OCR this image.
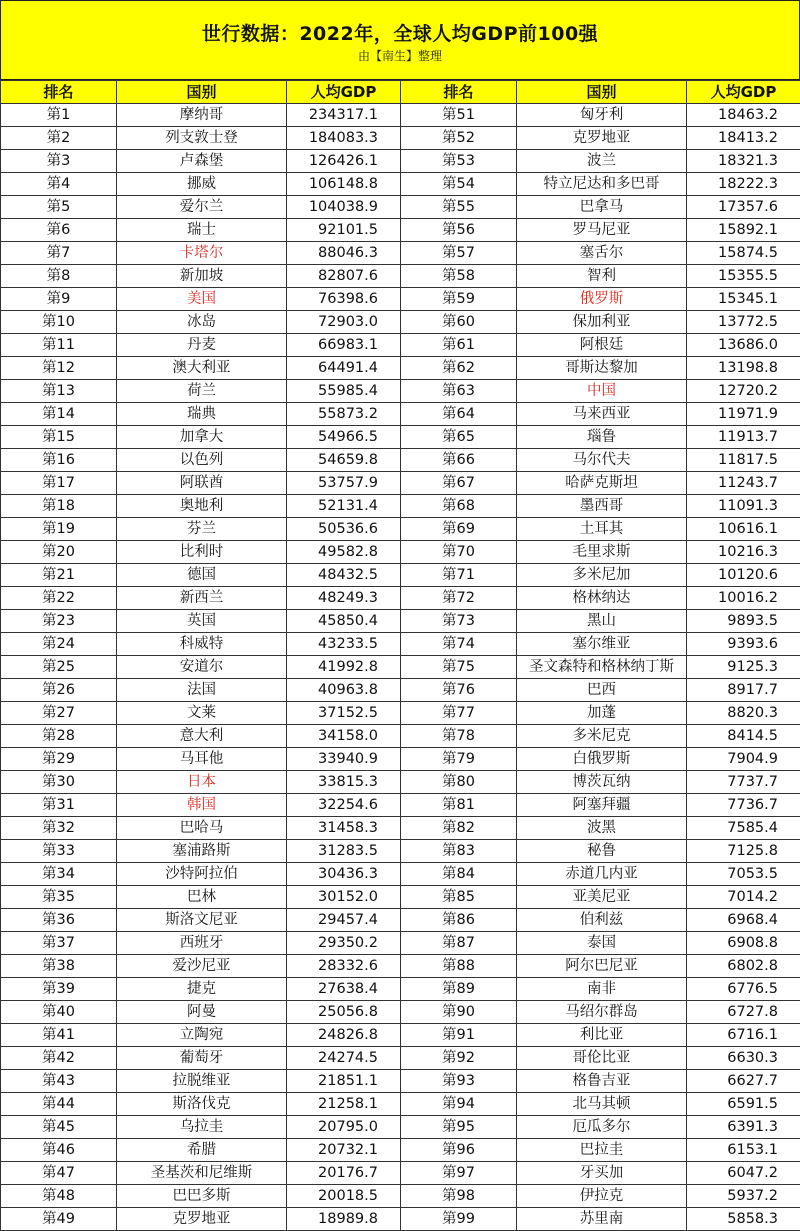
世行数据：2022年，全球人均GDP前100强
由【南生】整理
排名	国别	人均GDP	排名	国别	人均GDP
第1	摩纳哥	234317.1	第51	匈牙利	18463.2
第2	列支敦士登	184083.3	第52	克罗地亚	18413.2
第3	卢森堡	126426.1	第53	波兰	18321.3
第4	挪威	106148.8	第54	特立尼达和多巴哥	18222.3
第5	爱尔兰	104038.9	第55	巴拿马	17357.6
第6	瑞士	92101.5	第56	罗马尼亚	15892.1
第7	卡塔尔	88046.3	第57	塞舌尔	15874.5
第8	新加坡	82807.6	第58	智利	15355.5
第9	美国	76398.6	第59	俄罗斯	15345.1
第10	冰岛	72903.0	第60	保加利亚	13772.5
第11	丹麦	66983.1	第61	阿根廷	13686.0
第12	澳大利亚	64491.4	第62	哥斯达黎加	13198.8
第13	荷兰	55985.4	第63	中国	12720.2
第14	瑞典	55873.2	第64	马来西亚	11971.9
第15	加拿大	54966.5	第65	瑙鲁	11913.7
第16	以色列	54659.8	第66	马尔代夫	11817.5
第17	阿联酋	53757.9	第67	哈萨克斯坦	11243.7
第18	奥地利	52131.4	第68	墨西哥	11091.3
第19	芬兰	50536.6	第69	土耳其	10616.1
第20	比利时	49582.8	第70	毛里求斯	10216.3
第21	德国	48432.5	第71	多米尼加	10120.6
第22	新西兰	48249.3	第72	格林纳达	10016.2
第23	英国	45850.4	第73	黑山	9893.5
第24	科威特	43233.5	第74	塞尔维亚	9393.6
第25	安道尔	41992.8	第75	圣文森特和格林纳丁斯	9125.3
第26	法国	40963.8	第76	巴西	8917.7
第27	文莱	37152.5	第77	加蓬	8820.3
第28	意大利	34158.0	第78	多米尼克	8414.5
第29	马耳他	33940.9	第79	白俄罗斯	7904.9
第30	日本	33815.3	第80	博茨瓦纳	7737.7
第31	韩国	32254.6	第81	阿塞拜疆	7736.7
第32	巴哈马	31458.3	第82	波黑	7585.4
第33	塞浦路斯	31283.5	第83	秘鲁	7125.8
第34	沙特阿拉伯	30436.3	第84	赤道几内亚	7053.5
第35	巴林	30152.0	第85	亚美尼亚	7014.2
第36	斯洛文尼亚	29457.4	第86	伯利兹	6968.4
第37	西班牙	29350.2	第87	泰国	6908.8
第38	爱沙尼亚	28332.6	第88	阿尔巴尼亚	6802.8
第39	捷克	27638.4	第89	南非	6776.5
第40	阿曼	25056.8	第90	马绍尔群岛	6727.8
第41	立陶宛	24826.8	第91	利比亚	6716.1
第42	葡萄牙	24274.5	第92	哥伦比亚	6630.3
第43	拉脱维亚	21851.1	第93	格鲁吉亚	6627.7
第44	斯洛伐克	21258.1	第94	北马其顿	6591.5
第45	乌拉圭	20795.0	第95	厄瓜多尔	6391.3
第46	希腊	20732.1	第96	巴拉圭	6153.1
第47	圣基茨和尼维斯	20176.7	第97	牙买加	6047.2
第48	巴巴多斯	20018.5	第98	伊拉克	5937.2
第49	克罗地亚	18989.8	第99	苏里南	5858.3
